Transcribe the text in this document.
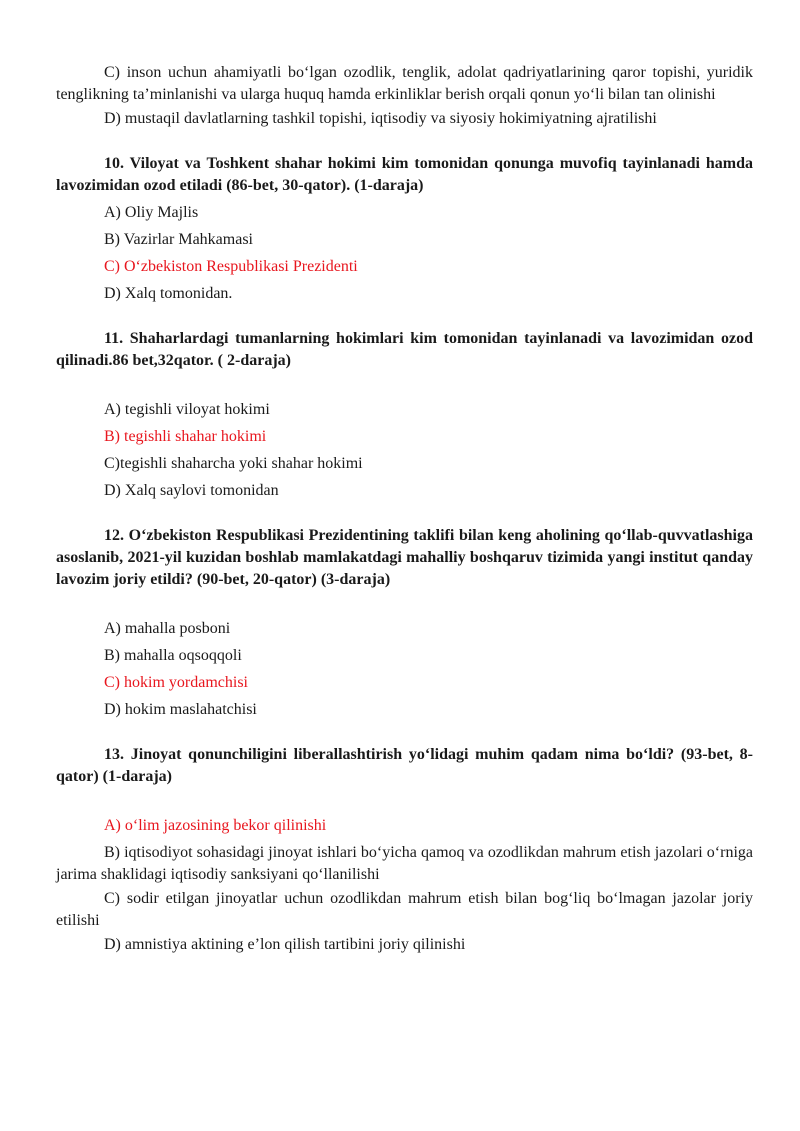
C) inson uchun ahamiyatli bo‘lgan ozodlik, tenglik, adolat qadriyatlarining qaror topishi, yuridik tenglikning ta’minlanishi va ularga huquq hamda erkinliklar berish orqali qonun yo‘li bilan tan olinishi

D) mustaqil davlatlarning tashkil topishi, iqtisodiy va siyosiy hokimiyatning ajratilishi

10. Viloyat va Toshkent shahar hokimi kim tomonidan qonunga muvofiq tayinlanadi hamda lavozimidan ozod etiladi (86-bet, 30-qator). (1-daraja)

A) Oliy Majlis

B) Vazirlar Mahkamasi

C) O‘zbekiston Respublikasi Prezidenti

D) Xalq tomonidan.

11. Shaharlardagi tumanlarning hokimlari kim tomonidan tayinlanadi va lavozimidan ozod qilinadi.86 bet,32qator. ( 2-daraja)

A) tegishli viloyat hokimi

B) tegishli shahar hokimi

C)tegishli shaharcha yoki shahar hokimi

D) Xalq saylovi tomonidan

12. O‘zbekiston Respublikasi Prezidentining taklifi bilan keng aholining qo‘llab-quvvatlashiga asoslanib, 2021-yil kuzidan boshlab mamlakatdagi mahalliy boshqaruv tizimida yangi institut qanday lavozim joriy etildi? (90-bet, 20-qator) (3-daraja)

A) mahalla posboni

B) mahalla oqsoqqoli

C) hokim yordamchisi

D) hokim maslahatchisi

13. Jinoyat qonunchiligini liberallashtirish yo‘lidagi muhim qadam nima bo‘ldi? (93-bet, 8-qator) (1-daraja)

A) o‘lim jazosining bekor qilinishi

B) iqtisodiyot sohasidagi jinoyat ishlari bo‘yicha qamoq va ozodlikdan mahrum etish jazolari o‘rniga jarima shaklidagi iqtisodiy sanksiyani qo‘llanilishi

C) sodir etilgan jinoyatlar uchun ozodlikdan mahrum etish bilan bog‘liq bo‘lmagan jazolar joriy etilishi

D) amnistiya aktining e’lon qilish tartibini joriy qilinishi
